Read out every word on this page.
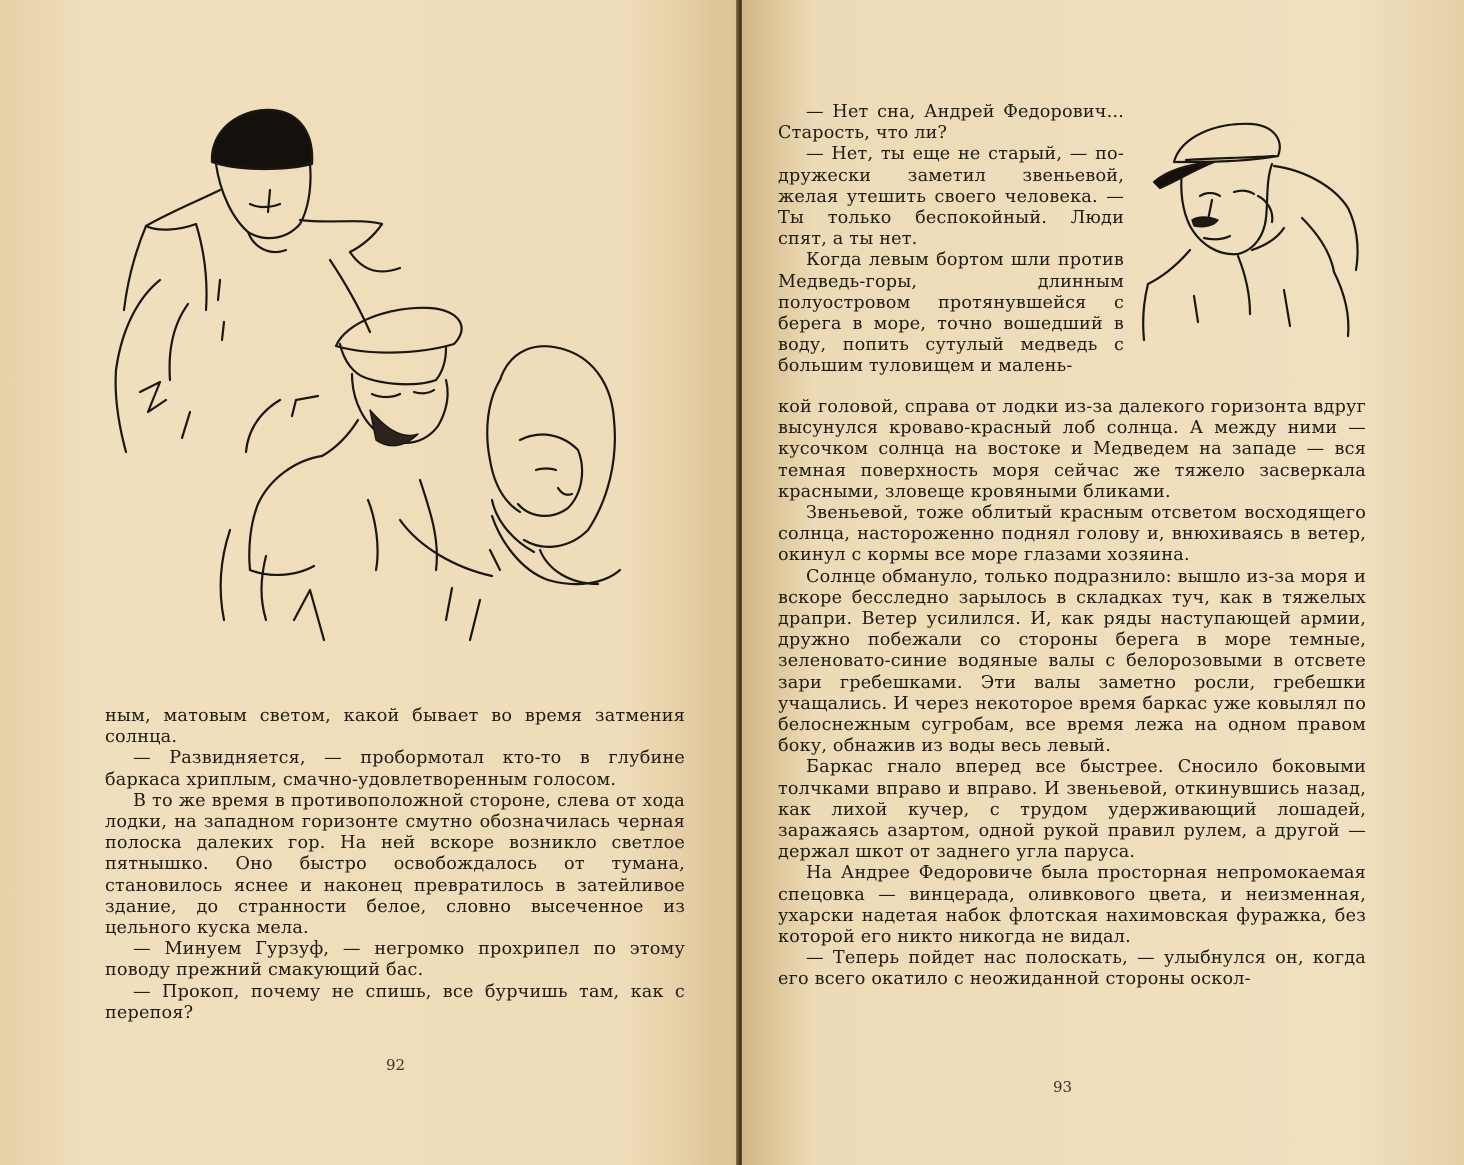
ным, матовым светом, какой бывает во время затмения солнца.

— Развидняется, — пробормотал кто-то в глубине баркаса хриплым, смачно-удовлетворенным голосом.

В то же время в противоположной стороне, слева от хода лодки, на западном горизонте смутно обозначилась черная полоска далеких гор. На ней вскоре возникло светлое пятнышко. Оно быстро освобождалось от тумана, становилось яснее и наконец превратилось в затейливое здание, до странности белое, словно высеченное из цельного куска мела.

— Минуем Гурзуф, — негромко прохрипел по этому поводу прежний смакующий бас.

— Прокоп, почему не спишь, все бурчишь там, как с перепоя?

92

— Нет сна, Андрей Федорович... Старость, что ли?

— Нет, ты еще не старый, — по-дружески заметил звеньевой, желая утешить своего человека. — Ты только беспокойный. Люди спят, а ты нет.

Когда левым бортом шли против Медведь-горы, длинным полуостровом протянувшейся с берега в море, точно вошедший в воду, попить сутулый медведь с большим туловищем и малень-

кой головой, справа от лодки из-за далекого горизонта вдруг высунулся кроваво-красный лоб солнца. А между ними — кусочком солнца на востоке и Медведем на западе — вся темная поверхность моря сейчас же тяжело засверкала красными, зловеще кровяными бликами.

Звеньевой, тоже облитый красным отсветом восходящего солнца, настороженно поднял голову и, внюхиваясь в ветер, окинул с кормы все море глазами хозяина.

Солнце обмануло, только подразнило: вышло из-за моря и вскоре бесследно зарылось в складках туч, как в тяжелых драпри. Ветер усилился. И, как ряды наступающей армии, дружно побежали со стороны берега в море темные, зеленовато-синие водяные валы с белорозовыми в отсвете зари гребешками. Эти валы заметно росли, гребешки учащались. И через некоторое время баркас уже ковылял по белоснежным сугробам, все время лежа на одном правом боку, обнажив из воды весь левый.

Баркас гнало вперед все быстрее. Сносило боковыми толчками вправо и вправо. И звеньевой, откинувшись назад, как лихой кучер, с трудом удерживающий лошадей, заражаясь азартом, одной рукой правил рулем, а другой — держал шкот от заднего угла паруса.

На Андрее Федоровиче была просторная непромокаемая спецовка — винцерада, оливкового цвета, и неизменная, ухарски надетая набок флотская нахимовская фуражка, без которой его никто никогда не видал.

— Теперь пойдет нас полоскать, — улыбнулся он, когда его всего окатило с неожиданной стороны оскол-

93
